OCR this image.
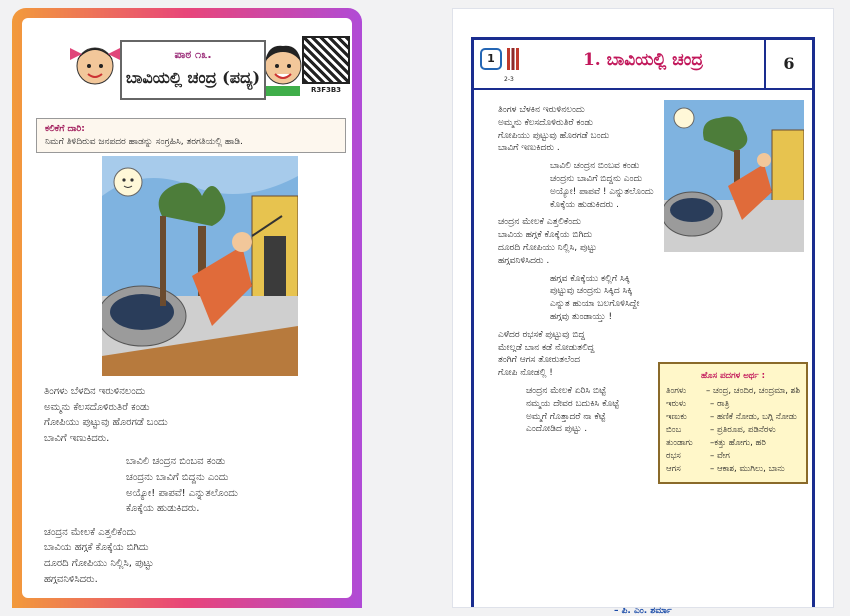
ಪಾಠ ೧೩.
ಬಾವಿಯಲ್ಲಿ ಚಂದ್ರ (ಪದ್ಯ)
R3F3B3
ಕಲಿಕೆಗೆ ದಾರಿ:
ನಿಮಗೆ ತಿಳಿದಿರುವ ಜನಪದರ ಹಾಡನ್ನು ಸಂಗ್ರಹಿಸಿ, ತರಗತಿಯಲ್ಲಿ ಹಾಡಿ.
ತಿಂಗಳು ಬೆಳದಿನ ಇರುಳಿನಲಂದು
ಅಮ್ಮನು ಕೆಲಸದೊಳಿರುತಿರೆ ಕಂಡು
ಗೋಪಿಯು ಪುಟ್ಟುವು ಹೊರಗಡೆ ಬಂದು
ಬಾವಿಗೆ ಇಣುಕಿದರು.
ಬಾವಿಲಿ ಚಂದ್ರನ ಬಿಂಬವ ಕಂಡು
ಚಂದ್ರನು ಬಾವಿಗೆ ಬಿದ್ದನು ಎಂದು
ಅಯ್ಯೋ! ಪಾಪವೆ! ಎನ್ನುತಲೊಂದು
ಕೊಕ್ಕೆಯ ಹುಡುಕಿದರು.
ಚಂದ್ರನ ಮೇಲಕೆ ಎತ್ತಲಿಕೆಂದು
ಬಾವಿಯ ಹಗ್ಗಕೆ ಕೊಕ್ಕೆಯ ಬಿಗಿದು
ದೂರದಿ ಗೋಪಿಯು ನಿಲ್ಲಿಸಿ, ಪುಟ್ಟು
ಹಗ್ಗವನಿಳಿಸಿದರು.
1
2-3
1. ಬಾವಿಯಲ್ಲಿ ಚಂದ್ರ	6
ತಿಂಗಳ ಬೆಳಕಿನ ಇರುಳಿನಲಂದು
ಅಮ್ಮನು ಕೆಲಸದೊಳಿರುತಿರೆ ಕಂಡು
ಗೋಪಿಯು ಪುಟ್ಟುವು ಹೊರಗಡೆ ಬಂದು
ಬಾವಿಗೆ ಇಣುಕಿದರು .

ಬಾವಿಲಿ ಚಂದ್ರನ ಬಿಂಬವ ಕಂಡು
ಚಂದ್ರನು ಬಾವಿಗೆ ಬಿದ್ದನು ಎಂದು
ಅಯ್ಯೋ! ಪಾಪವೆ ! ಎನ್ನುತಲೊಂದು
ಕೊಕ್ಕೆಯ ಹುಡುಕಿದರು .

ಚಂದ್ರನ ಮೇಲಕೆ ಎತ್ತಲಿಕೆಂದು
ಬಾವಿಯ ಹಗ್ಗಕೆ ಕೊಕ್ಕೆಯ ಬಿಗಿದು
ದೂರದಿ ಗೋಪಿಯು ನಿಲ್ಲಿಸಿ, ಪುಟ್ಟು
ಹಗ್ಗವನಿಳಿಸಿದರು .

ಹಗ್ಗವ ಕೊಕ್ಕೆಯು ಕಲ್ಲಿಗೆ ಸಿಕ್ಕಿ
ಪುಟ್ಟುವು ಚಂದ್ರನು ಸಿಕ್ಕಿದ ಸಿಕ್ಕಿ
ಎನ್ನುತ ಹುಯಾ ಬಲಗೊಳಿಸಿದ್ದೇ
ಹಗ್ಗವು ತುಂಡಾಯ್ತು !

ಎಳೆದರ ರಭಸಕೆ ಪುಟ್ಟುವು ಬಿದ್ದ
ಮೇಲ್ಗಡೆ ಬಾನ ಕಡೆ ನೋಡುತಲಿದ್ದ
ತಂಗಿಗೆ ಆಗಸ ತೋರುತಲೆಂದ
ಗೋಪಿ ನೋಡಲ್ಲಿ !

ಚಂದ್ರನ ಮೇಲಕೆ ಏರಿಸಿ ಬಿಟ್ಟೆ
ನಮ್ಮಯ ದೇವರ ಬದುಕಿಸಿ ಕೊಟ್ಟೆ
ಅಮ್ಮಗೆ ಗೊತ್ತಾದರೆ ನಾ ಕೆಟ್ಟೆ
ಎಂದೋಡಿದ ಪುಟ್ಟು .
ಹೊಸ ಪದಗಳ ಅರ್ಥ :
ತಿಂಗಳು	– ಚಂದ್ರ, ಚಂದಿರ, ಚಂದ್ರಮಾ, ಶಶಿ
ಇರುಳು	– ರಾತ್ರಿ
ಇಣುಕು	– ಹಣಿಕೆ ನೋಡು, ಬಗ್ಗಿ ನೋಡು
ಬಿಂಬ	– ಪ್ರತಿರೂಪ, ಪಡಿನೆರಳು
ತುಂಡಾಗು	–ಕತ್ತು ಹೋಗು, ಹರಿ
ರಭಸ	– ವೇಗ
ಆಗಸ	– ಆಕಾಶ, ಮುಗಿಲು, ಬಾನು
– ಪಿ. ಎಂ. ಶರ್ಮಾ
